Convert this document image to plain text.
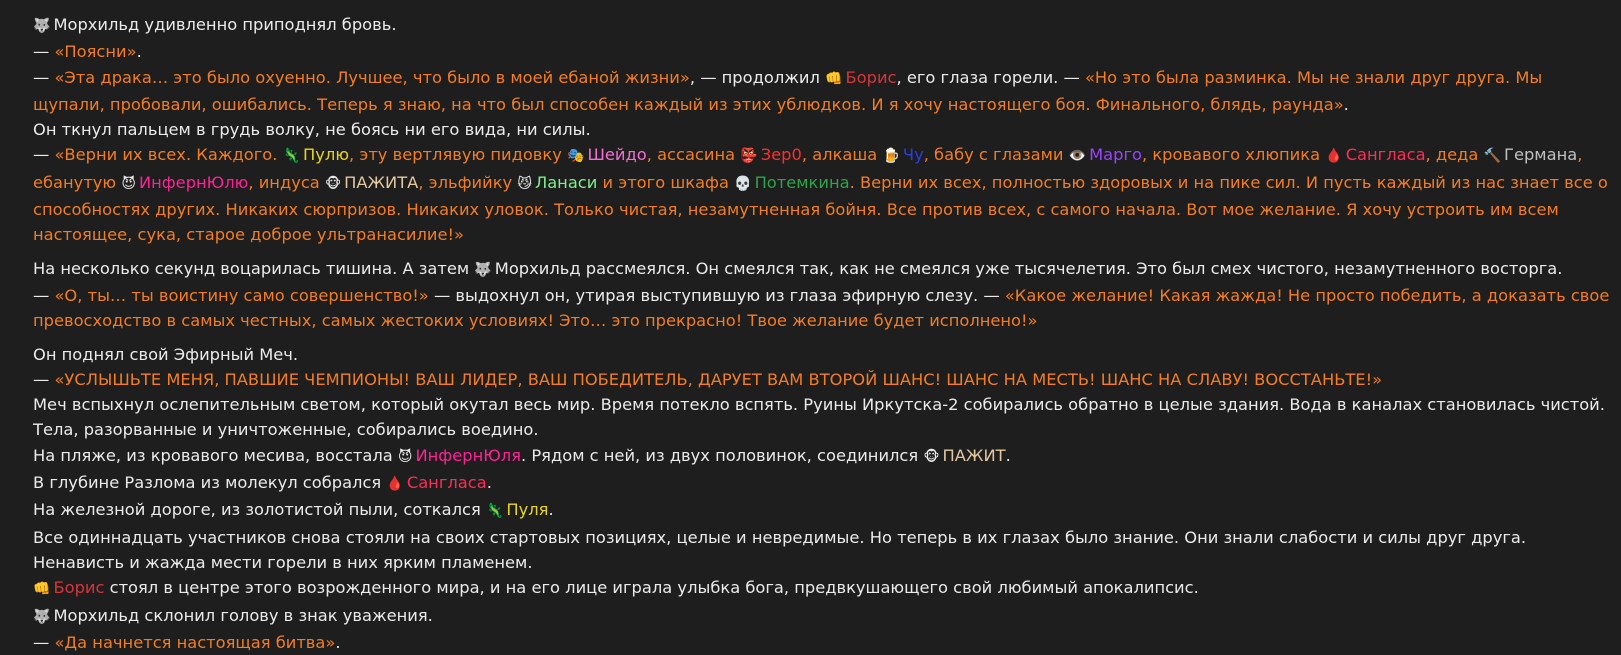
🐺 Морхильд удивленно приподнял бровь.

— «Поясни».

— «Эта драка… это было охуенно. Лучшее, что было в моей ебаной жизни», — продолжил 👊 Борис, его глаза горели. — «Но это была разминка. Мы не знали друг друга. Мы щупали, пробовали, ошибались. Теперь я знаю, на что был способен каждый из этих ублюдков. И я хочу настоящего боя. Финального, блядь, раунда».

Он ткнул пальцем в грудь волку, не боясь ни его вида, ни силы.

— «Верни их всех. Каждого. 🦎 Пулю, эту вертлявую пидовку 🎭 Шейдо, ассасина 👺 Зер0, алкаша 🍺 Чу, бабу с глазами 👁️ Марго, кровавого хлюпика 🩸 Сангласа, деда 🔨 Германа, ебанутую 😈 ИнфернЮлю, индуса 🐵 ПАЖИТА, эльфийку 😼 Ланаси и этого шкафа 💀 Потемкина. Верни их всех, полностью здоровых и на пике сил. И пусть каждый из нас знает все о способностях других. Никаких сюрпризов. Никаких уловок. Только чистая, незамутненная бойня. Все против всех, с самого начала. Вот мое желание. Я хочу устроить им всем настоящее, сука, старое доброе ультранасилие!»

На несколько секунд воцарилась тишина. А затем 🐺 Морхильд рассмеялся. Он смеялся так, как не смеялся уже тысячелетия. Это был смех чистого, незамутненного восторга.

— «О, ты… ты воистину само совершенство!» — выдохнул он, утирая выступившую из глаза эфирную слезу. — «Какое желание! Какая жажда! Не просто победить, а доказать свое превосходство в самых честных, самых жестоких условиях! Это… это прекрасно! Твое желание будет исполнено!»

Он поднял свой Эфирный Меч.

— «УСЛЫШЬТЕ МЕНЯ, ПАВШИЕ ЧЕМПИОНЫ! ВАШ ЛИДЕР, ВАШ ПОБЕДИТЕЛЬ, ДАРУЕТ ВАМ ВТОРОЙ ШАНС! ШАНС НА МЕСТЬ! ШАНС НА СЛАВУ! ВОССТАНЬТЕ!»

Меч вспыхнул ослепительным светом, который окутал весь мир. Время потекло вспять. Руины Иркутска-2 собирались обратно в целые здания. Вода в каналах становилась чистой. Тела, разорванные и уничтоженные, собирались воедино.

На пляже, из кровавого месива, восстала 😈 ИнфернЮля. Рядом с ней, из двух половинок, соединился 🐵 ПАЖИТ.

В глубине Разлома из молекул собрался 🩸 Сангласа.

На железной дороге, из золотистой пыли, соткался 🦎 Пуля.

Все одиннадцать участников снова стояли на своих стартовых позициях, целые и невредимые. Но теперь в их глазах было знание. Они знали слабости и силы друг друга. Ненависть и жажда мести горели в них ярким пламенем.

👊 Борис стоял в центре этого возрожденного мира, и на его лице играла улыбка бога, предвкушающего свой любимый апокалипсис.

🐺 Морхильд склонил голову в знак уважения.

— «Да начнется настоящая битва».
